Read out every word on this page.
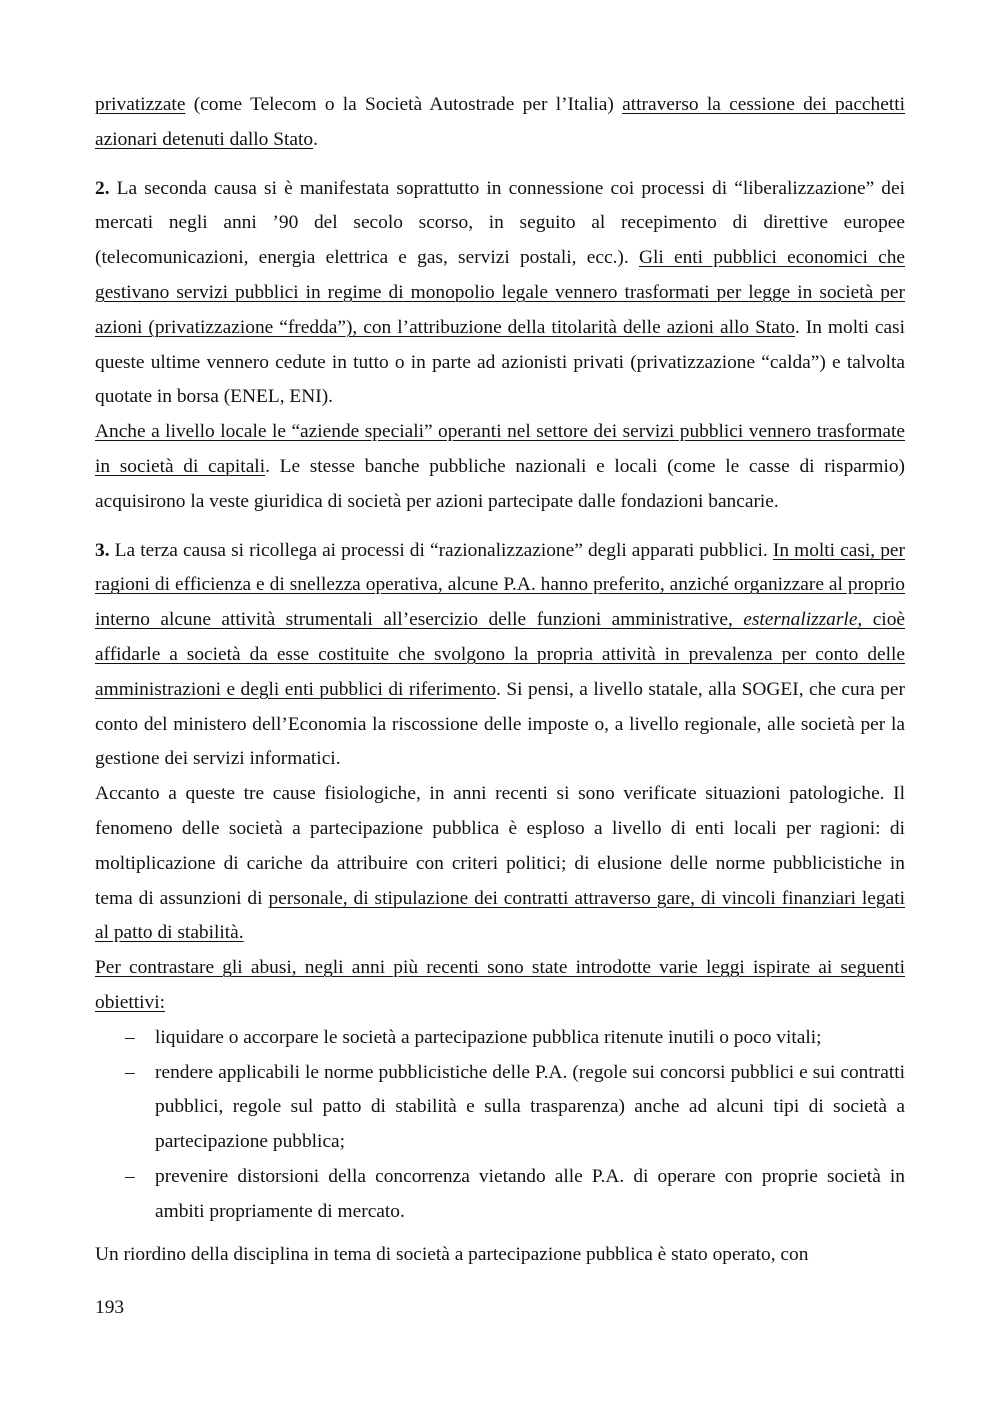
privatizzate (come Telecom o la Società Autostrade per l’Italia) attraverso la cessione dei pacchetti azionari detenuti dallo Stato.

2. La seconda causa si è manifestata soprattutto in connessione coi processi di “liberalizzazione” dei mercati negli anni ’90 del secolo scorso, in seguito al recepimento di direttive europee (telecomunicazioni, energia elettrica e gas, servizi postali, ecc.). Gli enti pubblici economici che gestivano servizi pubblici in regime di monopolio legale vennero trasformati per legge in società per azioni (privatizzazione “fredda”), con l’attribuzione della titolarità delle azioni allo Stato. In molti casi queste ultime vennero cedute in tutto o in parte ad azionisti privati (privatizzazione “calda”) e talvolta quotate in borsa (ENEL, ENI).

Anche a livello locale le “aziende speciali” operanti nel settore dei servizi pubblici vennero trasformate in società di capitali. Le stesse banche pubbliche nazionali e locali (come le casse di risparmio) acquisirono la veste giuridica di società per azioni partecipate dalle fondazioni bancarie.

3. La terza causa si ricollega ai processi di “razionalizzazione” degli apparati pubblici. In molti casi, per ragioni di efficienza e di snellezza operativa, alcune P.A. hanno preferito, anziché organizzare al proprio interno alcune attività strumentali all’esercizio delle funzioni amministrative, esternalizzarle, cioè affidarle a società da esse costituite che svolgono la propria attività in prevalenza per conto delle amministrazioni e degli enti pubblici di riferimento. Si pensi, a livello statale, alla SOGEI, che cura per conto del ministero dell’Economia la riscossione delle imposte o, a livello regionale, alle società per la gestione dei servizi informatici.

Accanto a queste tre cause fisiologiche, in anni recenti si sono verificate situazioni patologiche. Il fenomeno delle società a partecipazione pubblica è esploso a livello di enti locali per ragioni: di moltiplicazione di cariche da attribuire con criteri politici; di elusione delle norme pubblicistiche in tema di assunzioni di personale, di stipulazione dei contratti attraverso gare, di vincoli finanziari legati al patto di stabilità.

Per contrastare gli abusi, negli anni più recenti sono state introdotte varie leggi ispirate ai seguenti obiettivi:

– liquidare o accorpare le società a partecipazione pubblica ritenute inutili o poco vitali;
– rendere applicabili le norme pubblicistiche delle P.A. (regole sui concorsi pubblici e sui contratti pubblici, regole sul patto di stabilità e sulla trasparenza) anche ad alcuni tipi di società a partecipazione pubblica;
– prevenire distorsioni della concorrenza vietando alle P.A. di operare con proprie società in ambiti propriamente di mercato.

Un riordino della disciplina in tema di società a partecipazione pubblica è stato operato, con

193
